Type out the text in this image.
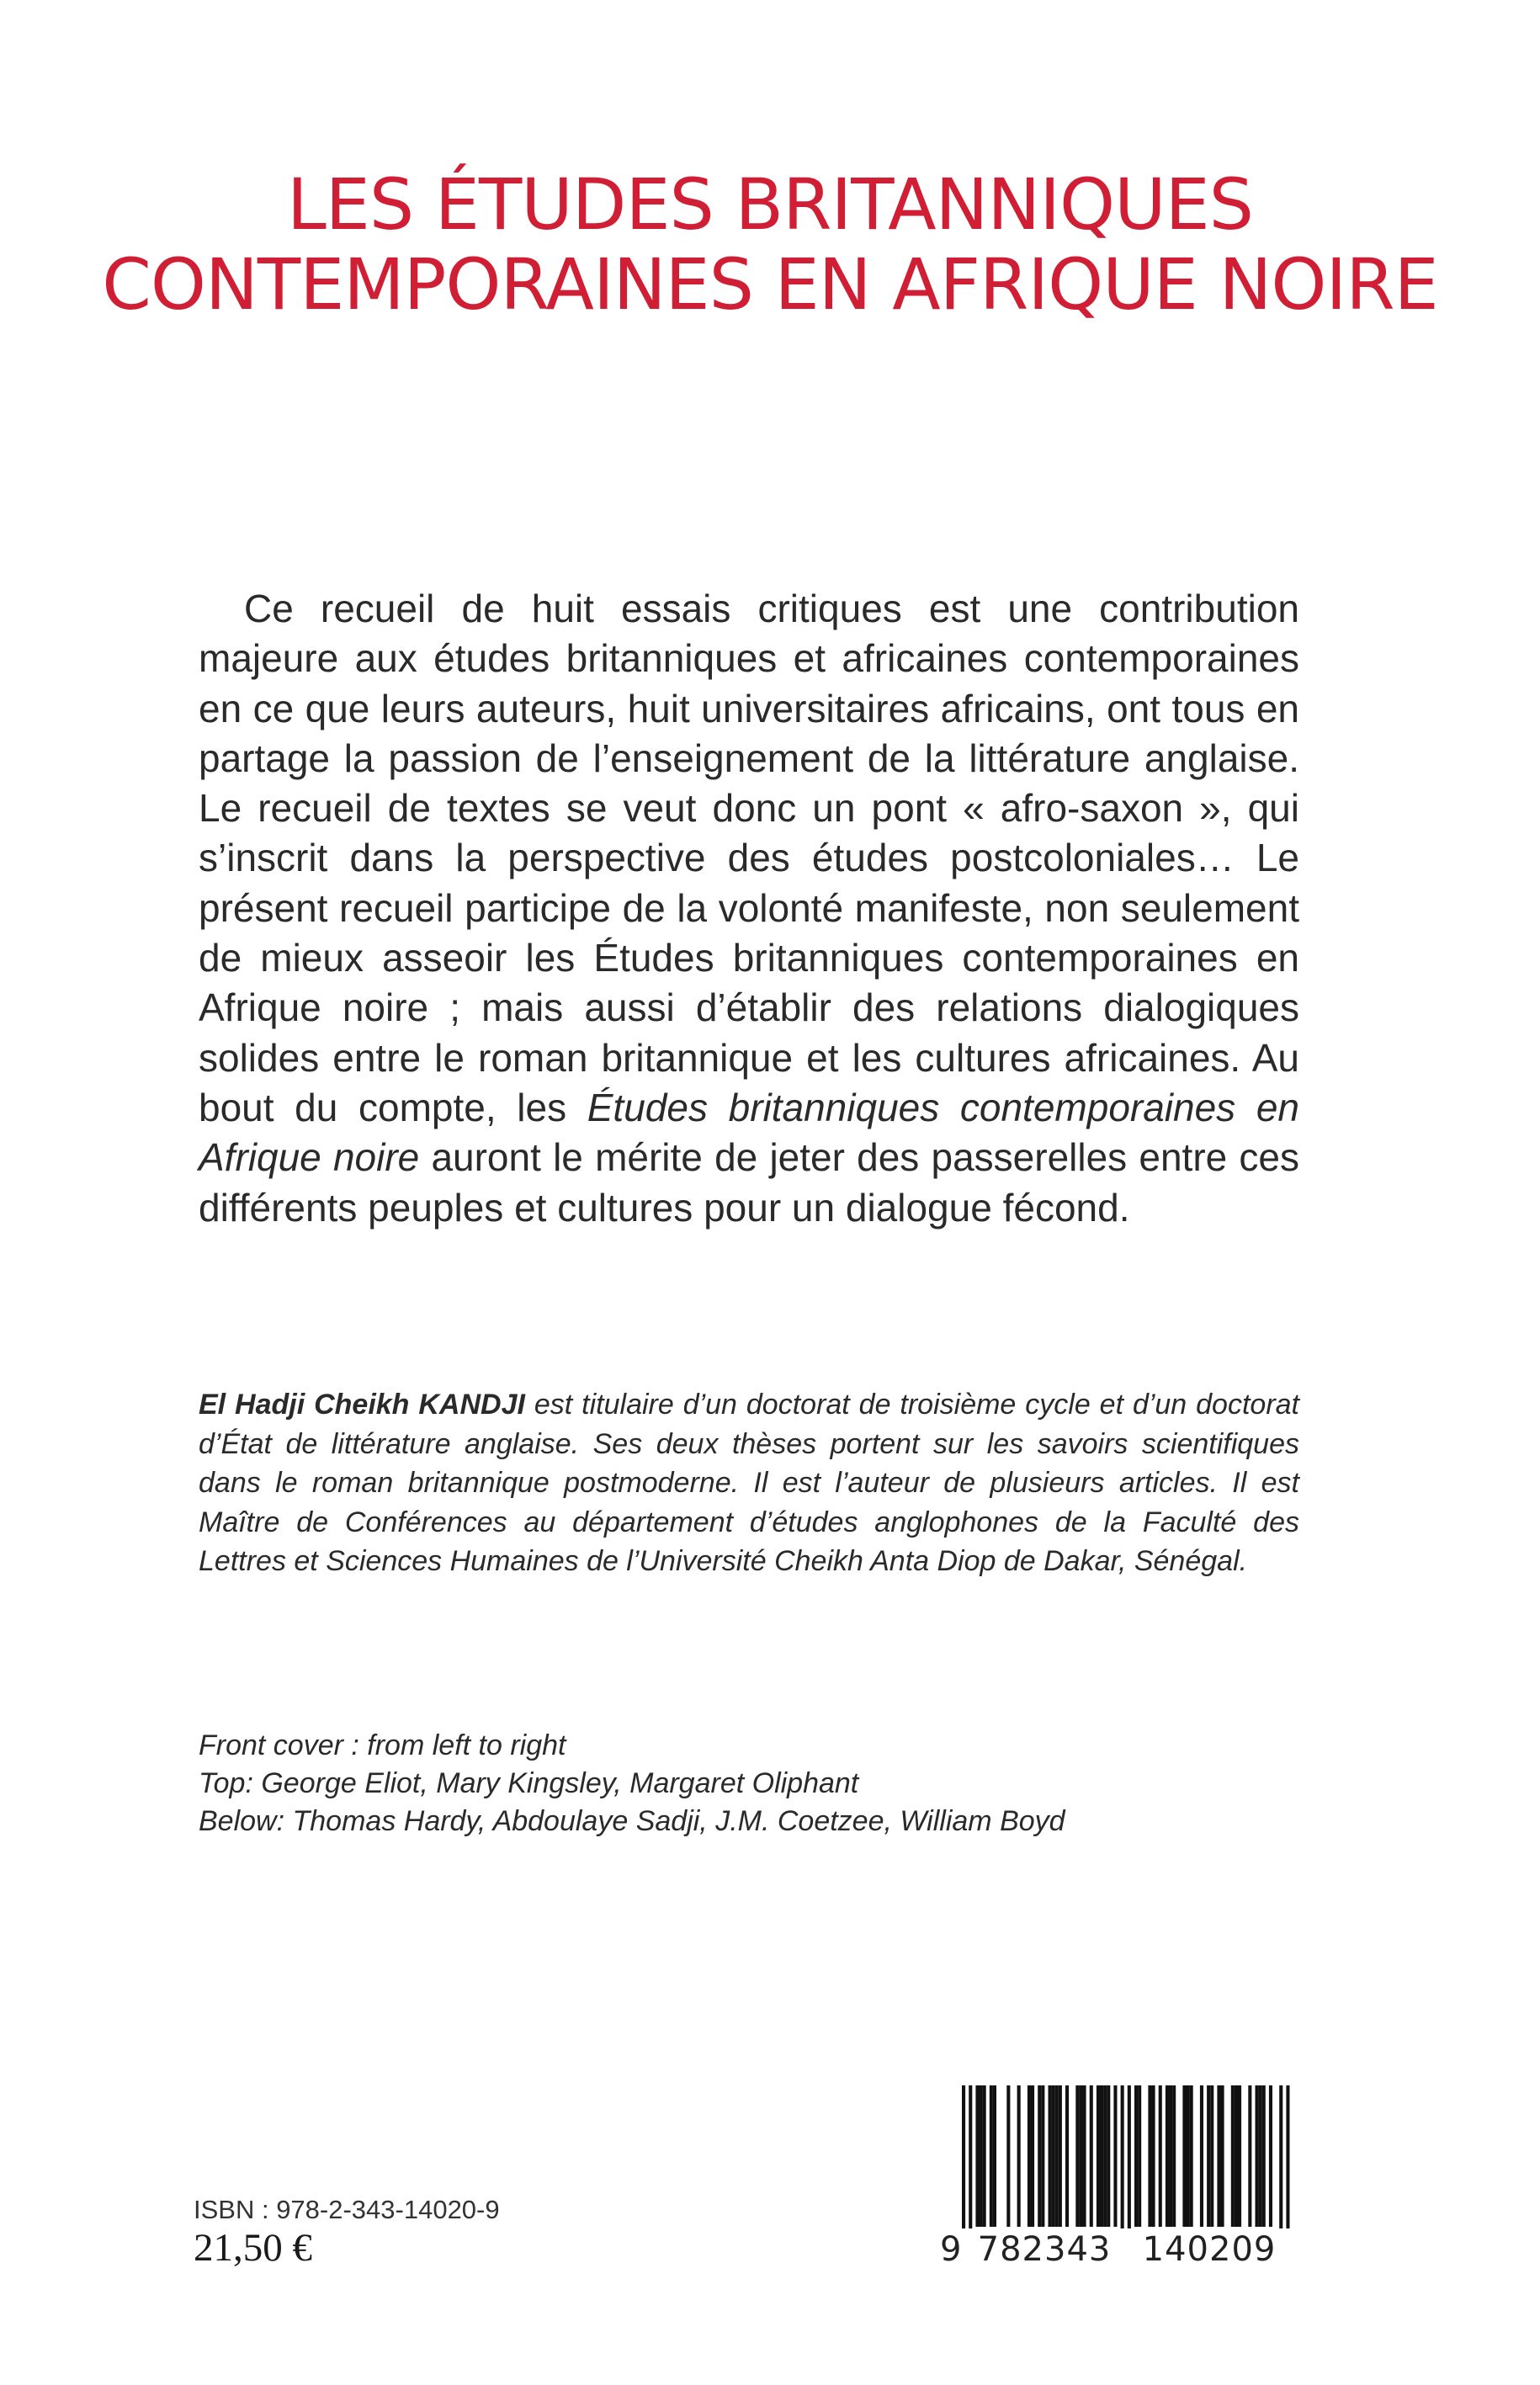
LES ÉTUDES BRITANNIQUES
CONTEMPORAINES EN AFRIQUE NOIRE

Ce recueil de huit essais critiques est une contribution majeure aux études britanniques et africaines contemporaines en ce que leurs auteurs, huit universitaires africains, ont tous en partage la passion de l’enseignement de la littérature anglaise. Le recueil de textes se veut donc un pont « afro-saxon », qui s’inscrit dans la perspective des études postcoloniales… Le présent recueil participe de la volonté manifeste, non seulement de mieux asseoir les Études britanniques contemporaines en Afrique noire ; mais aussi d’établir des relations dialogiques solides entre le roman britannique et les cultures africaines. Au bout du compte, les Études britanniques contemporaines en Afrique noire auront le mérite de jeter des passerelles entre ces différents peuples et cultures pour un dialogue fécond.

El Hadji Cheikh KANDJI est titulaire d’un doctorat de troisième cycle et d’un doctorat d’État de littérature anglaise. Ses deux thèses portent sur les savoirs scientifiques dans le roman britannique postmoderne. Il est l’auteur de plusieurs articles. Il est Maître de Conférences au département d’études anglophones de la Faculté des Lettres et Sciences Humaines de l’Université Cheikh Anta Diop de Dakar, Sénégal.

Front cover : from left to right
Top: George Eliot, Mary Kingsley, Margaret Oliphant
Below: Thomas Hardy, Abdoulaye Sadji, J.M. Coetzee, William Boyd

ISBN : 978-2-343-14020-9

21,50 €	9 782343 140209
